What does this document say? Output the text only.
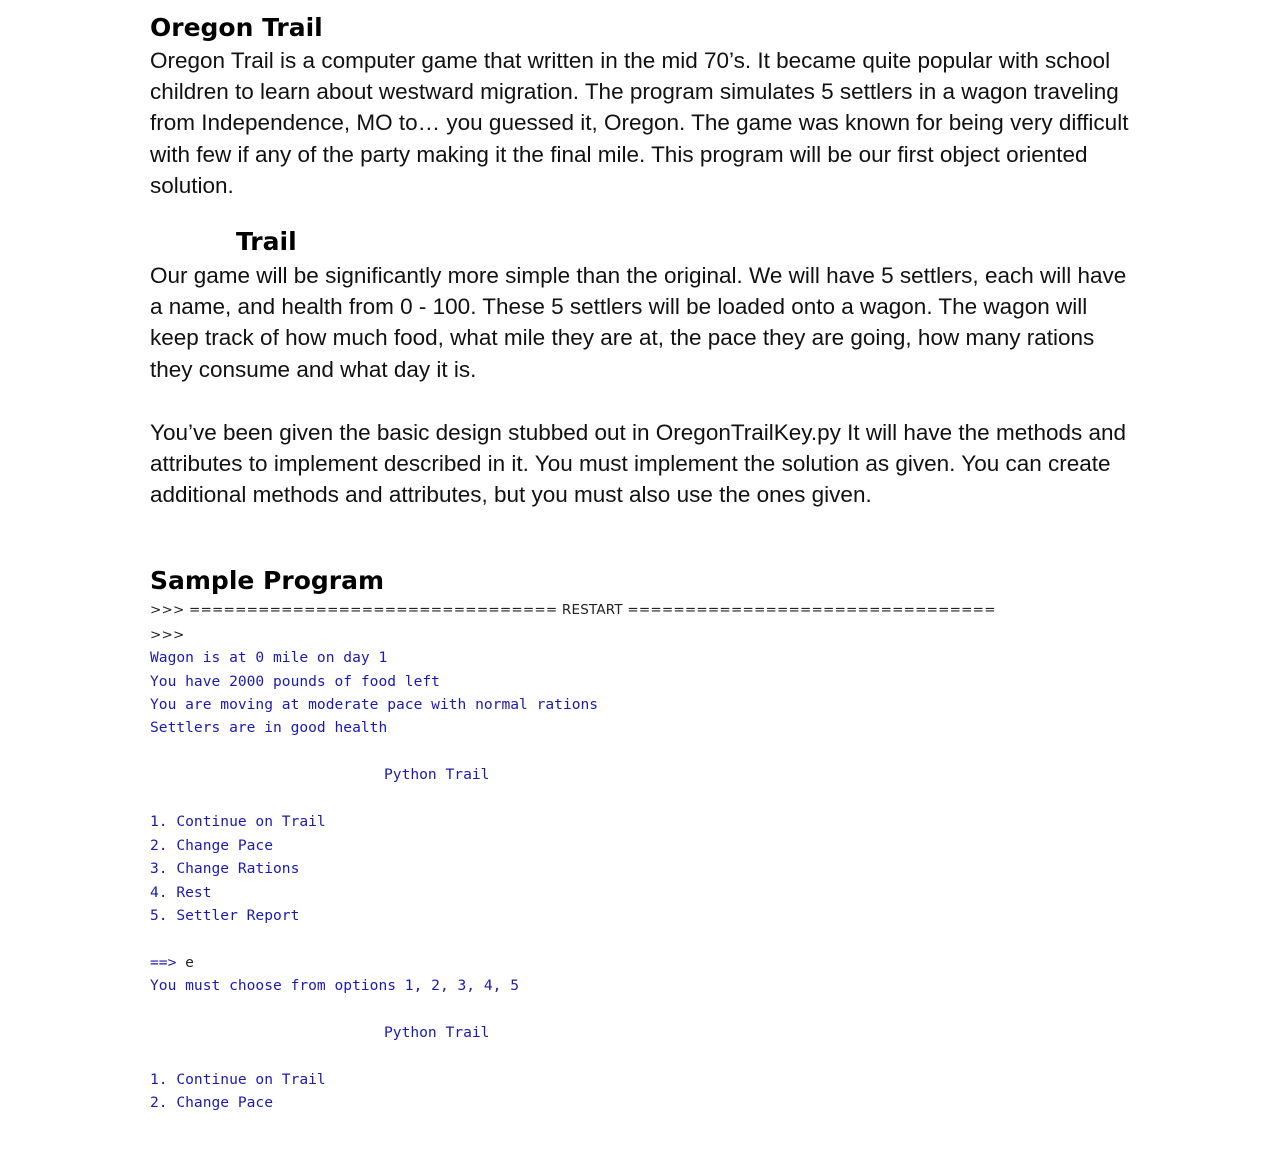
Oregon Trail

Oregon Trail is a computer game that written in the mid 70’s. It became quite popular with school children to learn about westward migration. The program simulates 5 settlers in a wagon traveling from Independence, MO to… you guessed it, Oregon. The game was known for being very difficult with few if any of the party making it the final mile. This program will be our first object oriented solution.

Trail

Our game will be significantly more simple than the original. We will have 5 settlers, each will have a name, and health from 0 - 100. These 5 settlers will be loaded onto a wagon. The wagon will keep track of how much food, what mile they are at, the pace they are going, how many rations they consume and what day it is.

You’ve been given the basic design stubbed out in OregonTrailKey.py It will have the methods and attributes to implement described in it. You must implement the solution as given. You can create additional methods and attributes, but you must also use the ones given.

Sample Program
>>> ================================ RESTART ================================
>>>
Wagon is at 0 mile on day 1
You have 2000 pounds of food left
You are moving at moderate pace with normal rations
Settlers are in good health
Python Trail
1. Continue on Trail
2. Change Pace
3. Change Rations
4. Rest
5. Settler Report
==> e
You must choose from options 1, 2, 3, 4, 5
Python Trail
1. Continue on Trail
2. Change Pace
